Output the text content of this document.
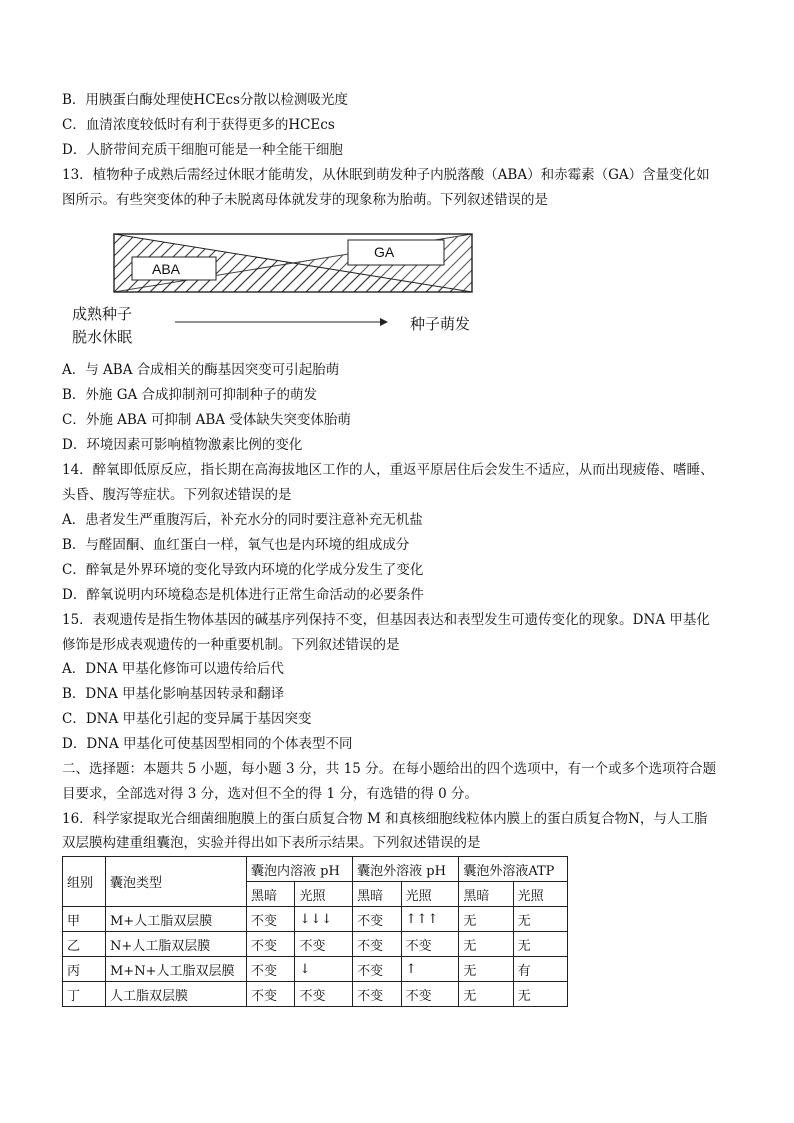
B．用胰蛋白酶处理使HCEcs分散以检测吸光度
C．血清浓度较低时有利于获得更多的HCEcs
D．人脐带间充质干细胞可能是一种全能干细胞
13．植物种子成熟后需经过休眠才能萌发，从休眠到萌发种子内脱落酸（ABA）和赤霉素（GA）含量变化如
图所示。有些突变体的种子未脱离母体就发芽的现象称为胎萌。下列叙述错误的是
ABA
GA
成熟种子
脱水休眠
种子萌发
A．与 ABA 合成相关的酶基因突变可引起胎萌
B．外施 GA 合成抑制剂可抑制种子的萌发
C．外施 ABA 可抑制 ABA 受体缺失突变体胎萌
D．环境因素可影响植物激素比例的变化
14．醉氧即低原反应，指长期在高海拔地区工作的人，重返平原居住后会发生不适应，从而出现疲倦、嗜睡、
头昏、腹泻等症状。下列叙述错误的是
A．患者发生严重腹泻后，补充水分的同时要注意补充无机盐
B．与醛固酮、血红蛋白一样，氧气也是内环境的组成成分
C．醉氧是外界环境的变化导致内环境的化学成分发生了变化
D．醉氧说明内环境稳态是机体进行正常生命活动的必要条件
15．表观遗传是指生物体基因的碱基序列保持不变，但基因表达和表型发生可遗传变化的现象。DNA 甲基化
修饰是形成表观遗传的一种重要机制。下列叙述错误的是
A．DNA 甲基化修饰可以遗传给后代
B．DNA 甲基化影响基因转录和翻译
C．DNA 甲基化引起的变异属于基因突变
D．DNA 甲基化可使基因型相同的个体表型不同
二、选择题：本题共 5 小题，每小题 3 分，共 15 分。在每小题给出的四个选项中，有一个或多个选项符合题
目要求，全部选对得 3 分，选对但不全的得 1 分，有选错的得 0 分。
16．科学家提取光合细菌细胞膜上的蛋白质复合物 M 和真核细胞线粒体内膜上的蛋白质复合物N，与人工脂
双层膜构建重组囊泡，实验并得出如下表所示结果。下列叙述错误的是
组别	囊泡类型	囊泡内溶液 pH		囊泡外溶液 pH		囊泡外溶液ATP	
		黑暗	光照	黑暗	光照	黑暗	光照
甲	M+人工脂双层膜	不变	↓↓↓	不变	↑↑↑	无	无
乙	N+人工脂双层膜	不变	不变	不变	不变	无	无
丙	M+N+人工脂双层膜	不变	↓	不变	↑	无	有
丁	人工脂双层膜	不变	不变	不变	不变	无	无
